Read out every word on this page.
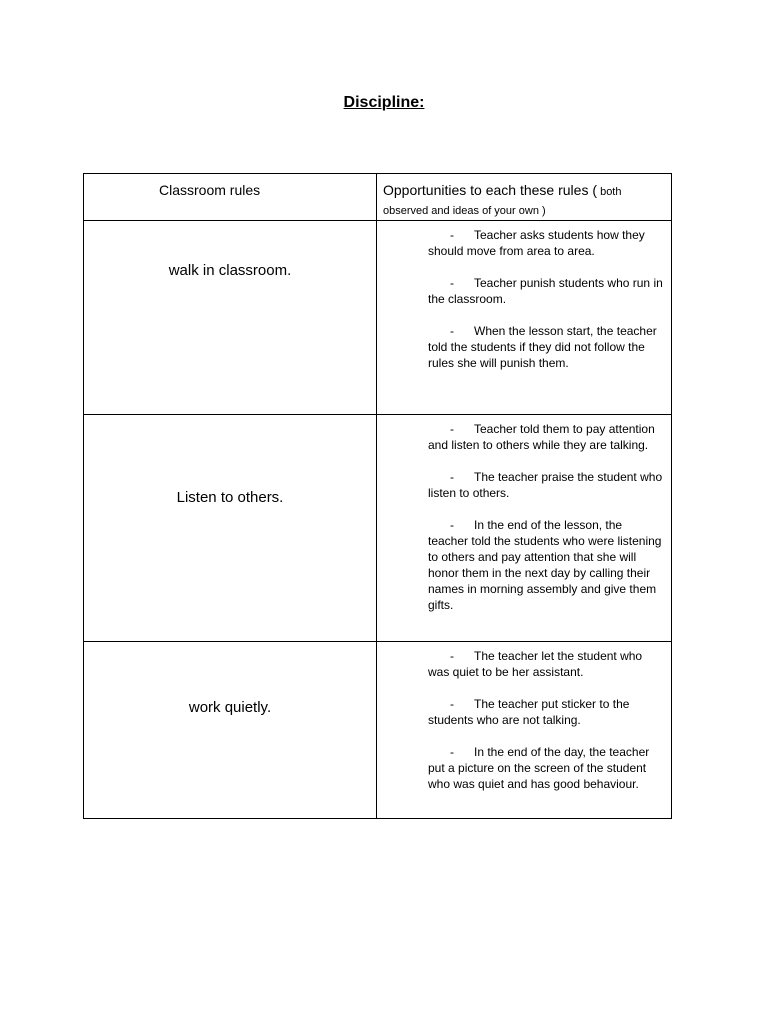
Discipline:
Classroom rules	Opportunities to each these rules ( both observed and ideas of your own )

walk in classroom.	- Teacher asks students how they should move from area to area.
- Teacher punish students who run in the classroom.
- When the lesson start, the teacher told the students if they did not follow the rules she will punish them.

Listen to others.	- Teacher told them to pay attention and listen to others while they are talking.
- The teacher praise the student who listen to others.
- In the end of the lesson, the teacher told the students who were listening to others and pay attention that she will honor them in the next day by calling their names in morning assembly and give them gifts.

work quietly.	- The teacher let the student who was quiet to be her assistant.
- The teacher put sticker to the students who are not talking.
- In the end of the day, the teacher put a picture on the screen of the student who was quiet and has good behaviour.
